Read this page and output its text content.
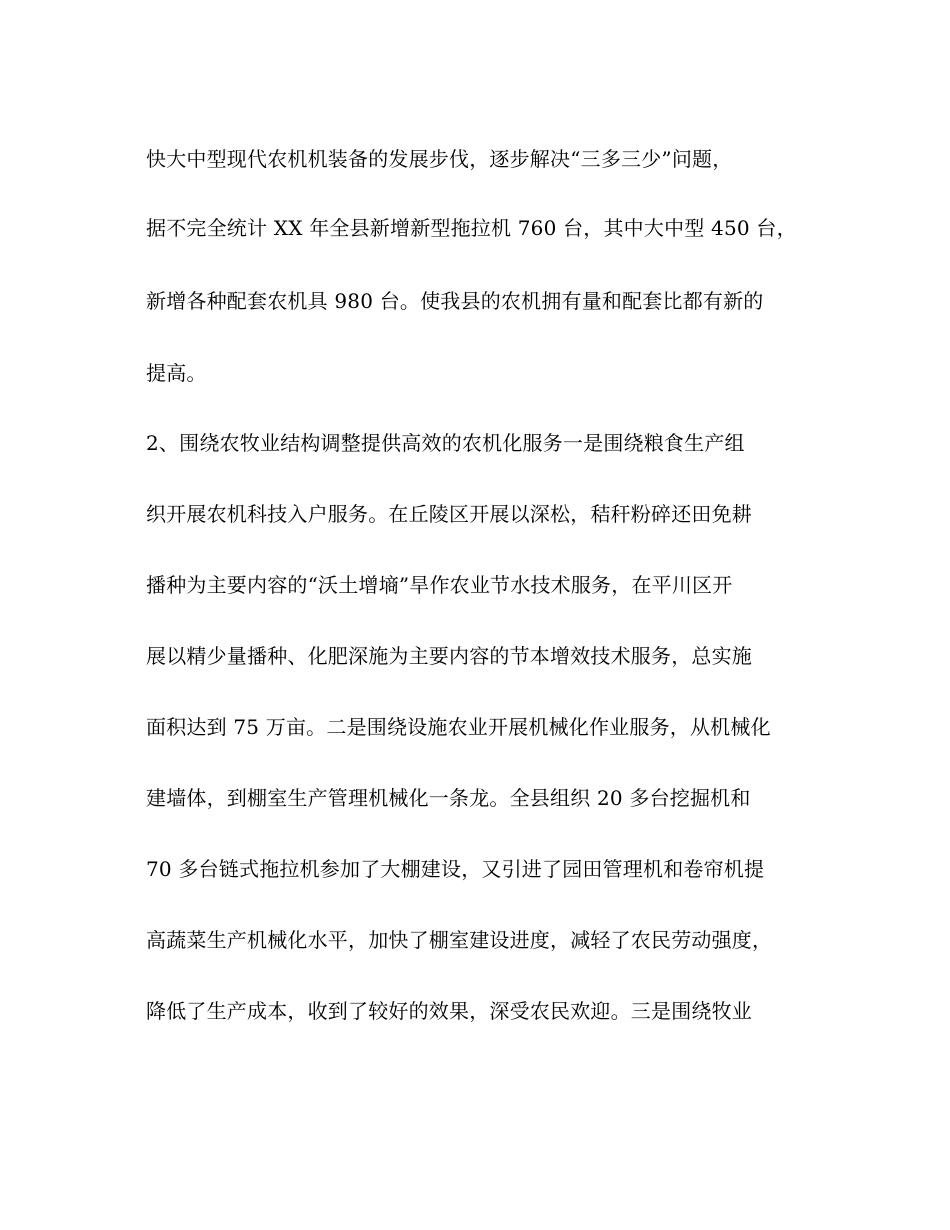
快大中型现代农机机装备的发展步伐，逐步解决“三多三少”问题，
据不完全统计 XX 年全县新增新型拖拉机 760 台，其中大中型 450 台，
新增各种配套农机具 980 台。使我县的农机拥有量和配套比都有新的
提高。
2、围绕农牧业结构调整提供高效的农机化服务一是围绕粮食生产组
织开展农机科技入户服务。在丘陵区开展以深松，秸秆粉碎还田免耕
播种为主要内容的“沃土增墒”旱作农业节水技术服务，在平川区开
展以精少量播种、化肥深施为主要内容的节本增效技术服务，总实施
面积达到 75 万亩。二是围绕设施农业开展机械化作业服务，从机械化
建墙体，到棚室生产管理机械化一条龙。全县组织 20 多台挖掘机和
70 多台链式拖拉机参加了大棚建设，又引进了园田管理机和卷帘机提
高蔬菜生产机械化水平，加快了棚室建设进度，减轻了农民劳动强度，
降低了生产成本，收到了较好的效果，深受农民欢迎。三是围绕牧业
